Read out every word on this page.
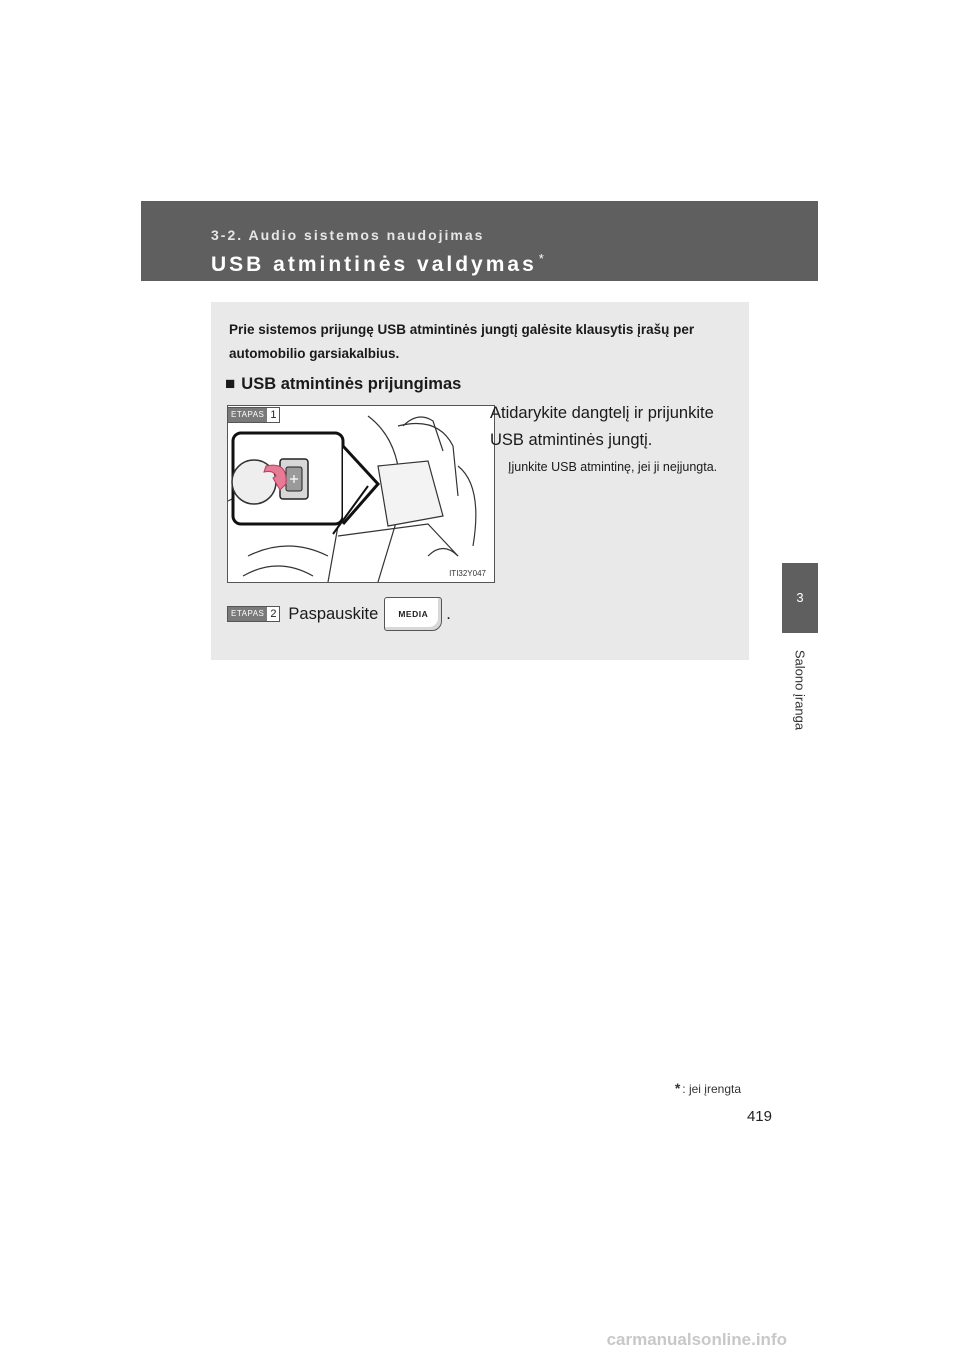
3-2. Audio sistemos naudojimas
USB atmintinės valdymas *
3
Salono įranga
Prie sistemos prijungę USB atmintinės jungtį galėsite klausytis įrašų per automobilio garsiakalbius.
■ USB atmintinės prijungimas
ITI32Y047
ETAPAS 1	Atidarykite dangtelį ir prijunkite USB atmintinės jungtį.
Įjunkite USB atmintinę, jei ji neįjungta.
ETAPAS 2 Paspauskite	MEDIA	.
* : jei įrengta
419
carmanualsonline.info
